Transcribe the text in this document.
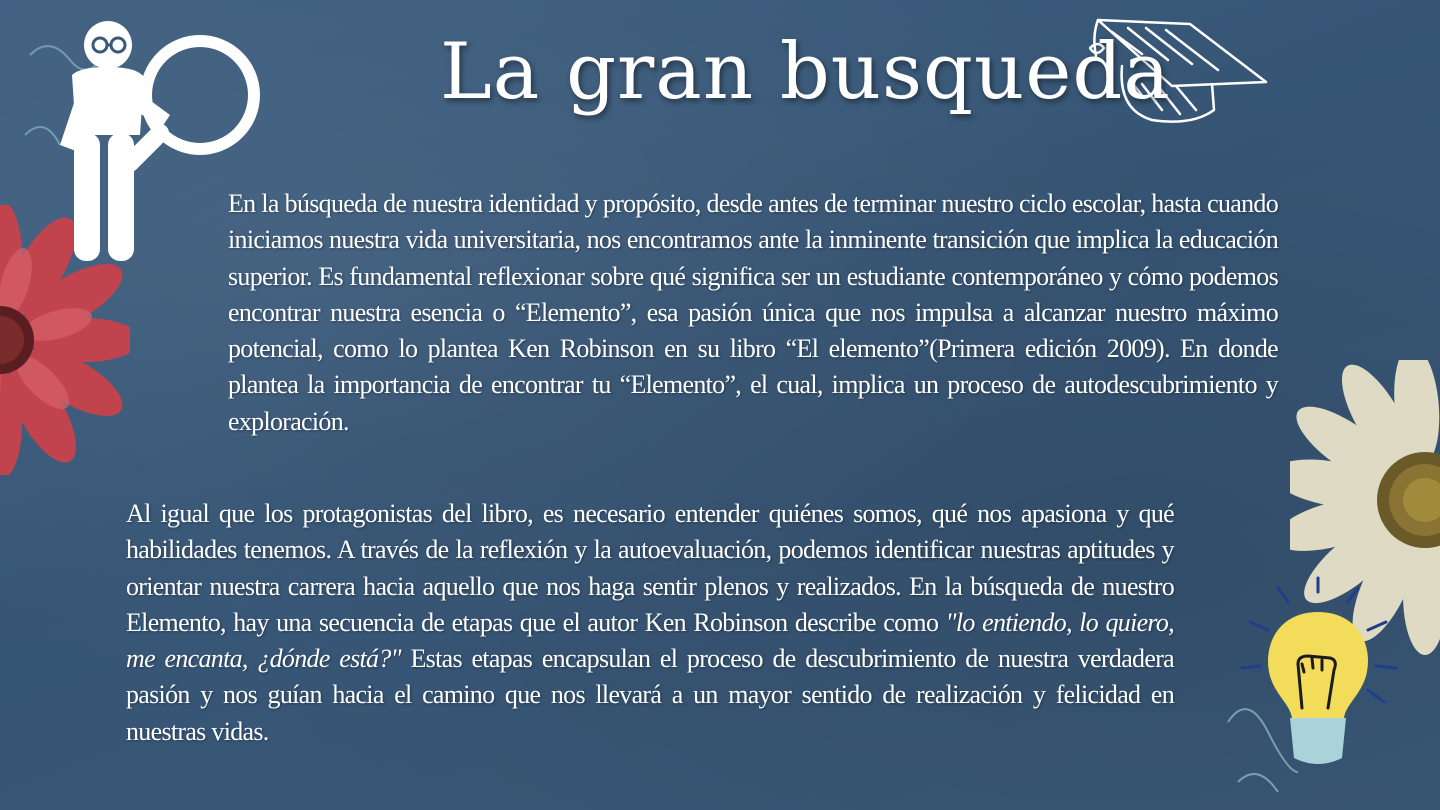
La gran busqueda

En la búsqueda de nuestra identidad y propósito, desde antes de terminar nuestro ciclo escolar, hasta cuando iniciamos nuestra vida universitaria, nos encontramos ante la inminente transición que implica la educación superior. Es fundamental reflexionar sobre qué significa ser un estudiante contemporáneo y cómo podemos encontrar nuestra esencia o “Elemento”, esa pasión única que nos impulsa a alcanzar nuestro máximo potencial, como lo plantea Ken Robinson en su libro “El elemento”(Primera edición 2009). En donde plantea la importancia de encontrar tu “Elemento”, el cual, implica un proceso de autodescubrimiento y exploración.

Al igual que los protagonistas del libro, es necesario entender quiénes somos, qué nos apasiona y qué habilidades tenemos. A través de la reflexión y la autoevaluación, podemos identificar nuestras aptitudes y orientar nuestra carrera hacia aquello que nos haga sentir plenos y realizados. En la búsqueda de nuestro Elemento, hay una secuencia de etapas que el autor Ken Robinson describe como "lo entiendo, lo quiero, me encanta, ¿dónde está?" Estas etapas encapsulan el proceso de descubrimiento de nuestra verdadera pasión y nos guían hacia el camino que nos llevará a un mayor sentido de realización y felicidad en nuestras vidas.
